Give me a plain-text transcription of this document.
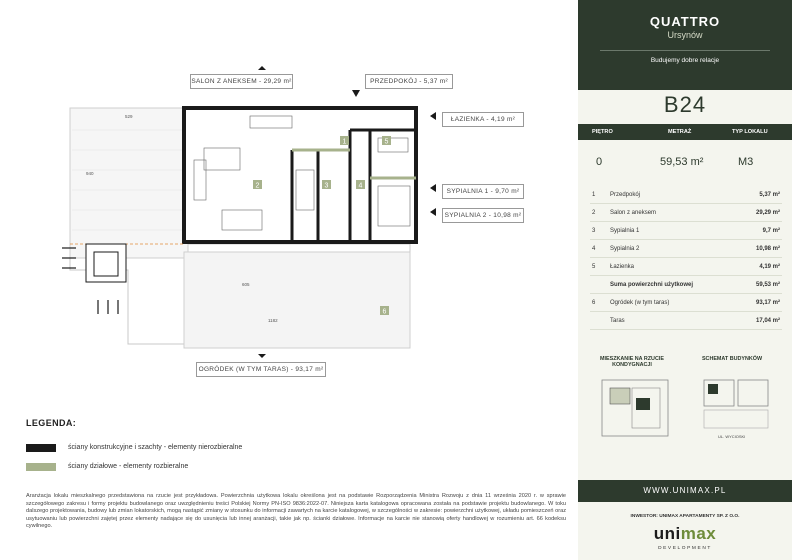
2	3	4
5
1
6
529
940
1182
605
SALON Z ANEKSEM - 29,29 m²	PRZEDPOKÓJ - 5,37 m²
ŁAZIENKA - 4,19 m²
SYPIALNIA 1 - 9,70 m²
SYPIALNIA 2 - 10,98 m²
OGRÓDEK (W TYM TARAS) - 93,17 m²
LEGENDA:
ściany konstrukcyjne i szachty - elementy nierozbieralne
ściany działowe - elementy rozbieralne
Aranżacja lokalu mieszkalnego przedstawiona na rzucie jest przykładowa. Powierzchnia użytkowa lokalu określona jest na podstawie Rozporządzenia Ministra Rozwoju z dnia 11 września 2020 r. w sprawie szczegółowego zakresu i formy projektu budowlanego oraz uwzględnieniu treści Polskiej Normy PN-ISO 9836:2022-07. Niniejsza karta katalogowa opracowana została na podstawie projektu budowlanego. W toku dalszego projektowania, budowy lub zmian lokatorskich, mogą nastąpić zmiany w stosunku do informacji zawartych na karcie katalogowej, w szczególności w zakresie: powierzchni użytkowej, układu pomieszczeń oraz usytuowaniu lub powierzchni zajętej przez elementy nadające się do usunięcia lub innej aranżacji, takie jak np. ścianki działowe. Informacje na karcie nie stanowią oferty handlowej w rozumieniu art. 66 kodeksu cywilnego.
QUATTRO
Ursynów
Budujemy dobre relacje
B24
PIĘTRO	METRAŻ	TYP LOKALU
0	59,53 m²	M3
1 Przedpokój	5,37 m²
2 Salon z aneksem	29,29 m²
3 Sypialnia 1	9,7 m²
4 Sypialnia 2	10,98 m²
5 Łazienka	4,19 m²
Suma powierzchni użytkowej	59,53 m²
6 Ogródek (w tym taras)	93,17 m²
Taras	17,04 m²
MIESZKANIE NA RZUCIE KONDYGNACJI
SCHEMAT BUDYNKÓW
UL. WYCIOSKI
WWW.UNIMAX.PL
INWESTOR: UNIMAX APARTAMENTY SP. Z O.O.
unimax
DEVELOPMENT
